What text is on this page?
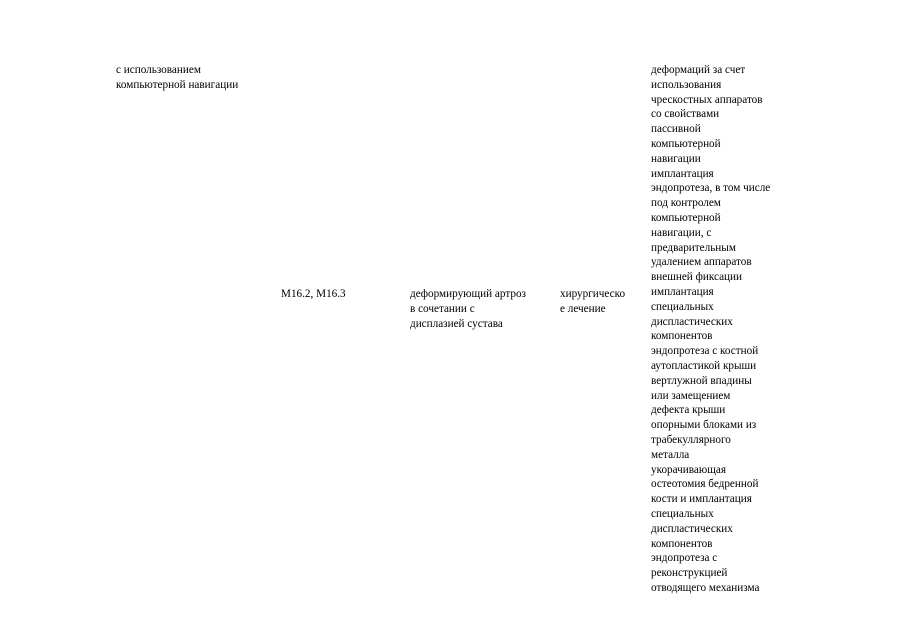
с использованием
компьютерной навигации
M16.2, M16.3	деформирующий артроз
в сочетании с
дисплазией сустава
хирургическо
е лечение
деформаций за счет
использования
чрескостных аппаратов
со свойствами
пассивной
компьютерной
навигации
имплантация
эндопротеза, в том числе
под контролем
компьютерной
навигации, с
предварительным
удалением аппаратов
внешней фиксации
имплантация
специальных
диспластических
компонентов
эндопротеза с костной
аутопластикой крыши
вертлужной впадины
или замещением
дефекта крыши
опорными блоками из
трабекуллярного
металла
укорачивающая
остеотомия бедренной
кости и имплантация
специальных
диспластических
компонентов
эндопротеза с
реконструкцией
отводящего механизма
